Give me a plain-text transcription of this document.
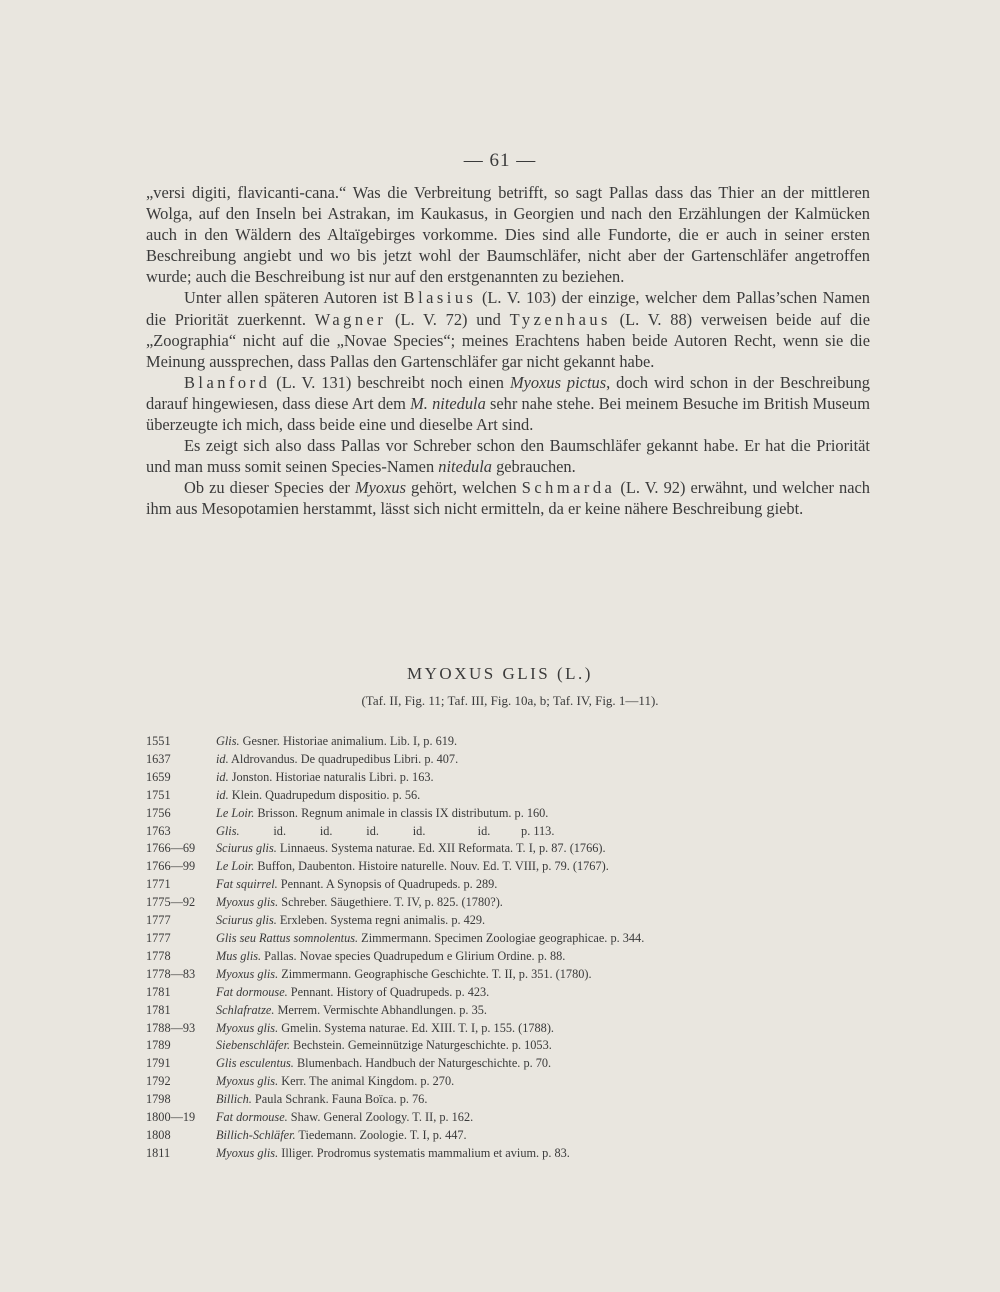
— 61 —

„versi digiti, flavicanti-cana.“ Was die Verbreitung betrifft, so sagt Pallas dass das Thier an der mittleren Wolga, auf den Inseln bei Astrakan, im Kaukasus, in Georgien und nach den Erzählungen der Kalmücken auch in den Wäldern des Altaïgebirges vorkomme. Dies sind alle Fundorte, die er auch in seiner ersten Beschreibung angiebt und wo bis jetzt wohl der Baumschläfer, nicht aber der Gartenschläfer angetroffen wurde; auch die Beschreibung ist nur auf den erstgenannten zu beziehen.

Unter allen späteren Autoren ist Blasius (L. V. 103) der einzige, welcher dem Pallas’schen Namen die Priorität zuerkennt. Wagner (L. V. 72) und Tyzenhaus (L. V. 88) verweisen beide auf die „Zoographia“ nicht auf die „Novae Species“; meines Erachtens haben beide Autoren Recht, wenn sie die Meinung aussprechen, dass Pallas den Gartenschläfer gar nicht gekannt habe.

Blanford (L. V. 131) beschreibt noch einen Myoxus pictus, doch wird schon in der Beschreibung darauf hingewiesen, dass diese Art dem M. nitedula sehr nahe stehe. Bei meinem Besuche im British Museum überzeugte ich mich, dass beide eine und dieselbe Art sind.

Es zeigt sich also dass Pallas vor Schreber schon den Baumschläfer gekannt habe. Er hat die Priorität und man muss somit seinen Species-Namen nitedula gebrauchen.

Ob zu dieser Species der Myoxus gehört, welchen Schmarda (L. V. 92) erwähnt, und welcher nach ihm aus Mesopotamien herstammt, lässt sich nicht ermitteln, da er keine nähere Beschreibung giebt.

MYOXUS GLIS (L.)
(Taf. II, Fig. 11; Taf. III, Fig. 10a, b; Taf. IV, Fig. 1—11).
1551	Glis. Gesner. Historiae animalium. Lib. I, p. 619.
1637	id. Aldrovandus. De quadrupedibus Libri. p. 407.
1659	id. Jonston. Historiae naturalis Libri. p. 163.
1751	id. Klein. Quadrupedum dispositio. p. 56.
1756	Le Loir. Brisson. Regnum animale in classis IX distributum. p. 160.
1763	Glis.           id.           id.           id.           id.                 id.          p. 113.
1766—69	Sciurus glis. Linnaeus. Systema naturae. Ed. XII Reformata. T. I, p. 87. (1766).
1766—99	Le Loir. Buffon, Daubenton. Histoire naturelle. Nouv. Ed. T. VIII, p. 79. (1767).
1771	Fat squirrel. Pennant. A Synopsis of Quadrupeds. p. 289.
1775—92	Myoxus glis. Schreber. Säugethiere. T. IV, p. 825. (1780?).
1777	Sciurus glis. Erxleben. Systema regni animalis. p. 429.
1777	Glis seu Rattus somnolentus. Zimmermann. Specimen Zoologiae geographicae. p. 344.
1778	Mus glis. Pallas. Novae species Quadrupedum e Glirium Ordine. p. 88.
1778—83	Myoxus glis. Zimmermann. Geographische Geschichte. T. II, p. 351. (1780).
1781	Fat dormouse. Pennant. History of Quadrupeds. p. 423.
1781	Schlafratze. Merrem. Vermischte Abhandlungen. p. 35.
1788—93	Myoxus glis. Gmelin. Systema naturae. Ed. XIII. T. I, p. 155. (1788).
1789	Siebenschläfer. Bechstein. Gemeinnützige Naturgeschichte. p. 1053.
1791	Glis esculentus. Blumenbach. Handbuch der Naturgeschichte. p. 70.
1792	Myoxus glis. Kerr. The animal Kingdom. p. 270.
1798	Billich. Paula Schrank. Fauna Boïca. p. 76.
1800—19	Fat dormouse. Shaw. General Zoology. T. II, p. 162.
1808	Billich-Schläfer. Tiedemann. Zoologie. T. I, p. 447.
1811	Myoxus glis. Illiger. Prodromus systematis mammalium et avium. p. 83.
